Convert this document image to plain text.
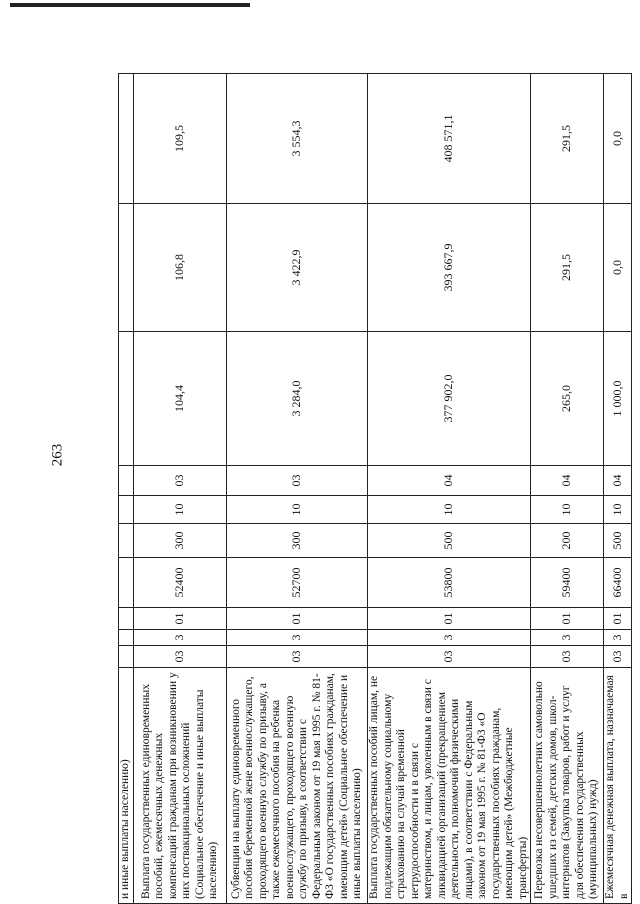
263
и иные выплаты населению)										
Выплата государственных единовременных пособий, ежемесячных денежных компенсаций гражданам при возникновении у них поствакцинальных осложнений (Социальное обеспечение и иные выплаты населению)	03	3	01	52400	300	10	03	104,4	106,8	109,5
Субвенции на выплату единовременного пособия беременной жене военнослужащего, проходящего военную службу по призыву, а также ежемесячного пособия на ребенка военнослужащего, проходящего военную службу по призыву, в соответствии с Федеральным законом от 19 мая 1995 г. № 81-ФЗ «О государственных пособиях гражданам, имеющим детей» (Социальное обеспечение и иные выплаты населению)	03	3	01	52700	300	10	03	3 284,0	3 422,9	3 554,3
Выплата государственных пособий лицам, не подлежащим обязательному социальному страхованию на случай временной нетрудоспособности и в связи с материнством, и лицам, уволенным в связи с ликвидацией организаций (прекращением деятельности, полномочий физическими лицами), в соответствии с Федеральным законом от 19 мая 1995 г. № 81-ФЗ «О государственных пособиях гражданам, имеющим детей» (Межбюджетные трансферты)	03	3	01	53800	500	10	04	377 902,0	393 667,9	408 571,1
Перевозка несовершеннолетних самовольно ушедших из семей, детских домов, школ-интернатов (Закупка товаров, работ и услуг для обеспечения государственных (муниципальных) нужд)	03	3	01	59400	200	10	04	265,0	291,5	291,5
Ежемесячная денежная выплата, назначаемая в	03	3	01	66400	500	10	04	1 000,0	0,0	0,0
